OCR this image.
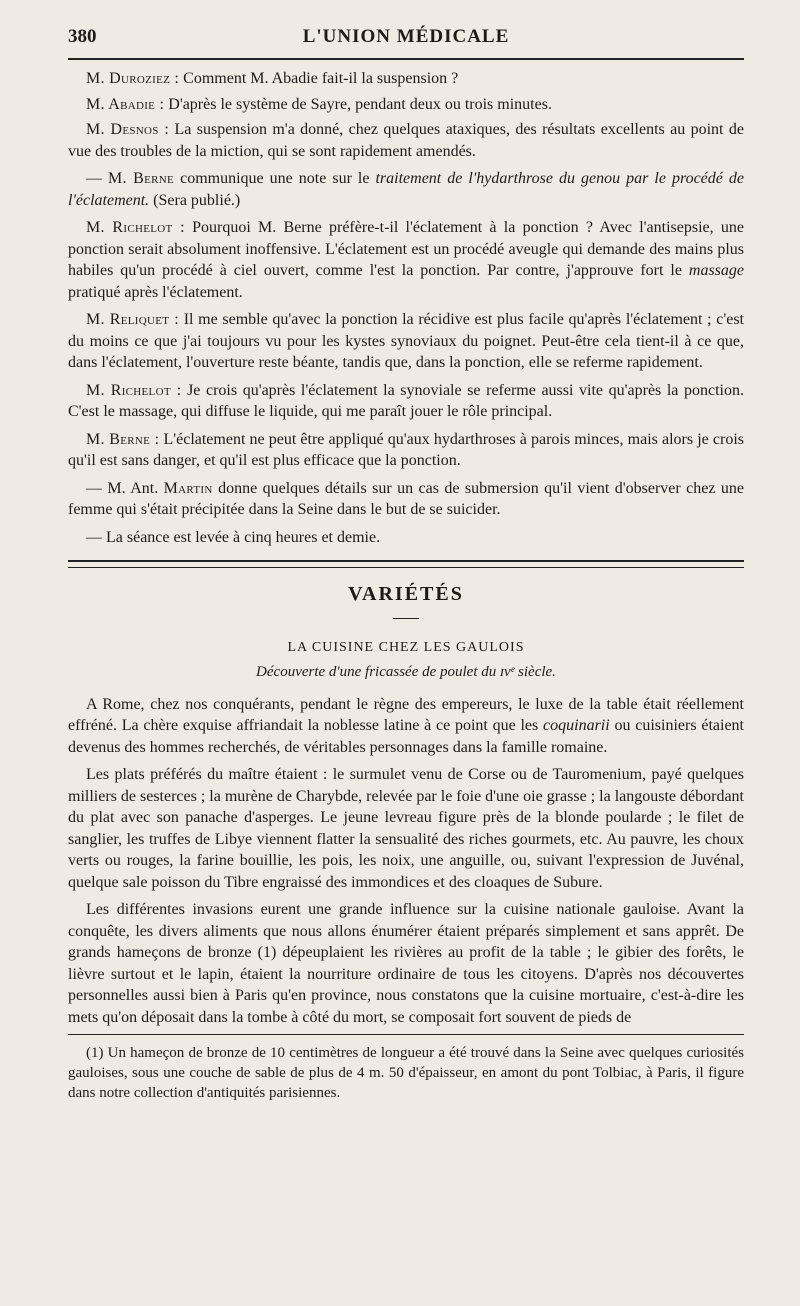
380	L'UNION MÉDICALE

M. Duroziez : Comment M. Abadie fait-il la suspension ?

M. Abadie : D'après le système de Sayre, pendant deux ou trois minutes.

M. Desnos : La suspension m'a donné, chez quelques ataxiques, des résultats excellents au point de vue des troubles de la miction, qui se sont rapidement amendés.

— M. Berne communique une note sur le traitement de l'hydarthrose du genou par le procédé de l'éclatement. (Sera publié.)

M. Richelot : Pourquoi M. Berne préfère-t-il l'éclatement à la ponction ? Avec l'antisepsie, une ponction serait absolument inoffensive. L'éclatement est un procédé aveugle qui demande des mains plus habiles qu'un procédé à ciel ouvert, comme l'est la ponction. Par contre, j'approuve fort le massage pratiqué après l'éclatement.

M. Reliquet : Il me semble qu'avec la ponction la récidive est plus facile qu'après l'éclatement ; c'est du moins ce que j'ai toujours vu pour les kystes synoviaux du poignet. Peut-être cela tient-il à ce que, dans l'éclatement, l'ouverture reste béante, tandis que, dans la ponction, elle se referme rapidement.

M. Richelot : Je crois qu'après l'éclatement la synoviale se referme aussi vite qu'après la ponction. C'est le massage, qui diffuse le liquide, qui me paraît jouer le rôle principal.

M. Berne : L'éclatement ne peut être appliqué qu'aux hydarthroses à parois minces, mais alors je crois qu'il est sans danger, et qu'il est plus efficace que la ponction.

— M. Ant. Martin donne quelques détails sur un cas de submersion qu'il vient d'observer chez une femme qui s'était précipitée dans la Seine dans le but de se suicider.

— La séance est levée à cinq heures et demie.

VARIÉTÉS
LA CUISINE CHEZ LES GAULOIS
Découverte d'une fricassée de poulet du ɪᴠᵉ siècle.

A Rome, chez nos conquérants, pendant le règne des empereurs, le luxe de la table était réellement effréné. La chère exquise affriandait la noblesse latine à ce point que les coquinarii ou cuisiniers étaient devenus des hommes recherchés, de véritables personnages dans la famille romaine.

Les plats préférés du maître étaient : le surmulet venu de Corse ou de Tauromenium, payé quelques milliers de sesterces ; la murène de Charybde, relevée par le foie d'une oie grasse ; la langouste débordant du plat avec son panache d'asperges. Le jeune levreau figure près de la blonde poularde ; le filet de sanglier, les truffes de Libye viennent flatter la sensualité des riches gourmets, etc. Au pauvre, les choux verts ou rouges, la farine bouillie, les pois, les noix, une anguille, ou, suivant l'expression de Juvénal, quelque sale poisson du Tibre engraissé des immondices et des cloaques de Subure.

Les différentes invasions eurent une grande influence sur la cuisine nationale gauloise. Avant la conquête, les divers aliments que nous allons énumérer étaient préparés simplement et sans apprêt. De grands hameçons de bronze (1) dépeuplaient les rivières au profit de la table ; le gibier des forêts, le lièvre surtout et le lapin, étaient la nourriture ordinaire de tous les citoyens. D'après nos découvertes personnelles aussi bien à Paris qu'en province, nous constatons que la cuisine mortuaire, c'est-à-dire les mets qu'on déposait dans la tombe à côté du mort, se composait fort souvent de pieds de

(1) Un hameçon de bronze de 10 centimètres de longueur a été trouvé dans la Seine avec quelques curiosités gauloises, sous une couche de sable de plus de 4 m. 50 d'épaisseur, en amont du pont Tolbiac, à Paris, il figure dans notre collection d'antiquités parisiennes.
